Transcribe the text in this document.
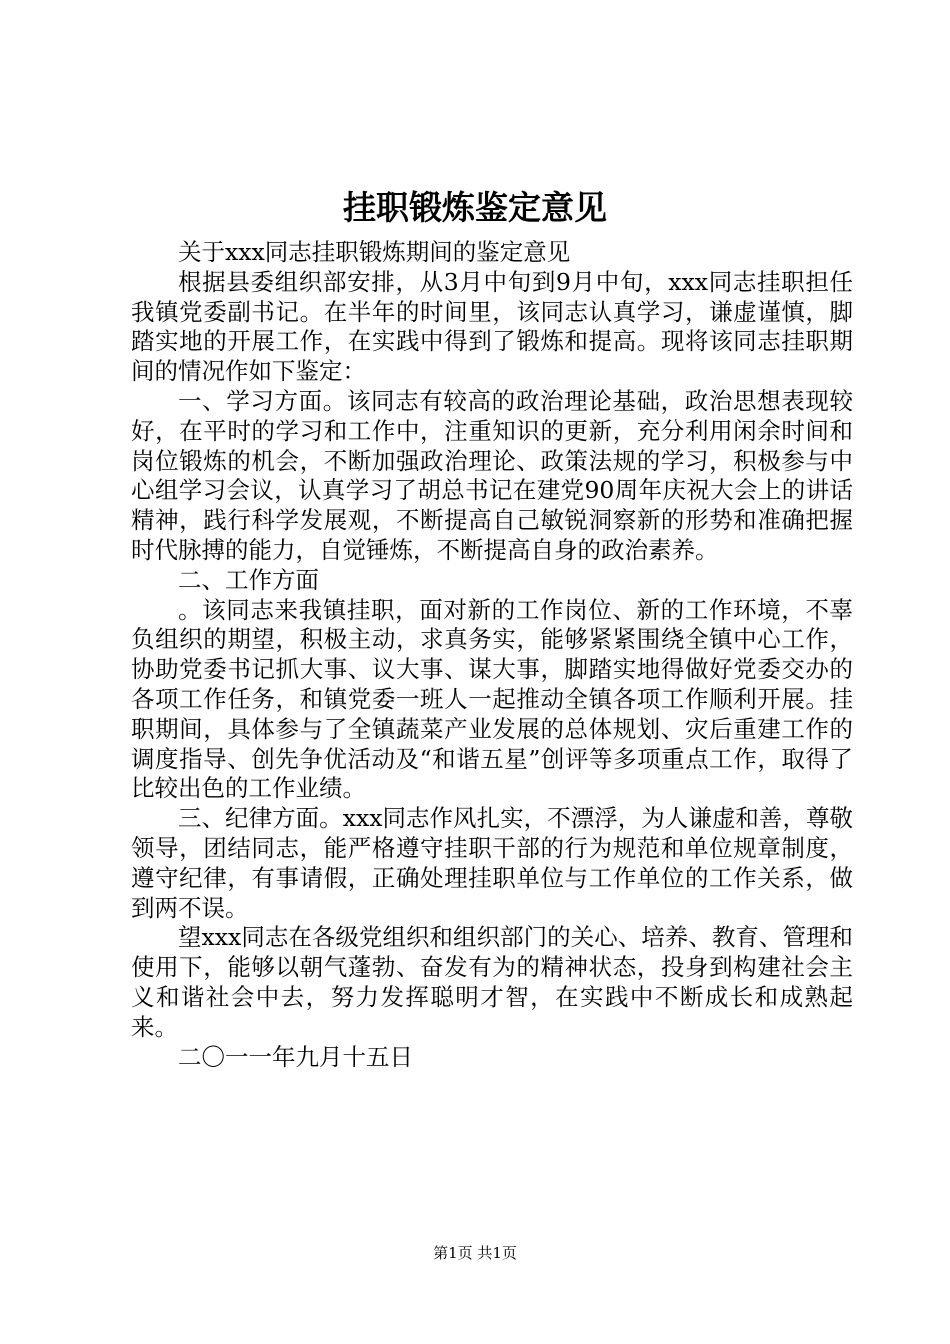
挂职锻炼鉴定意见

关于xxx同志挂职锻炼期间的鉴定意见

根据县委组织部安排，从3月中旬到9月中旬，xxx同志挂职担任我镇党委副书记。在半年的时间里，该同志认真学习，谦虚谨慎，脚踏实地的开展工作，在实践中得到了锻炼和提高。现将该同志挂职期间的情况作如下鉴定：

一、学习方面。该同志有较高的政治理论基础，政治思想表现较好，在平时的学习和工作中，注重知识的更新，充分利用闲余时间和岗位锻炼的机会，不断加强政治理论、政策法规的学习，积极参与中心组学习会议，认真学习了胡总书记在建党90周年庆祝大会上的讲话精神，践行科学发展观，不断提高自己敏锐洞察新的形势和准确把握时代脉搏的能力，自觉锤炼，不断提高自身的政治素养。

二、工作方面

。该同志来我镇挂职，面对新的工作岗位、新的工作环境，不辜负组织的期望，积极主动，求真务实，能够紧紧围绕全镇中心工作，协助党委书记抓大事、议大事、谋大事，脚踏实地得做好党委交办的各项工作任务，和镇党委一班人一起推动全镇各项工作顺利开展。挂职期间，具体参与了全镇蔬菜产业发展的总体规划、灾后重建工作的调度指导、创先争优活动及“和谐五星”创评等多项重点工作，取得了比较出色的工作业绩。

三、纪律方面。xxx同志作风扎实，不漂浮，为人谦虚和善，尊敬领导，团结同志，能严格遵守挂职干部的行为规范和单位规章制度，遵守纪律，有事请假，正确处理挂职单位与工作单位的工作关系，做到两不误。

望xxx同志在各级党组织和组织部门的关心、培养、教育、管理和使用下，能够以朝气蓬勃、奋发有为的精神状态，投身到构建社会主义和谐社会中去，努力发挥聪明才智，在实践中不断成长和成熟起来。

二〇一一年九月十五日

第1页 共1页
